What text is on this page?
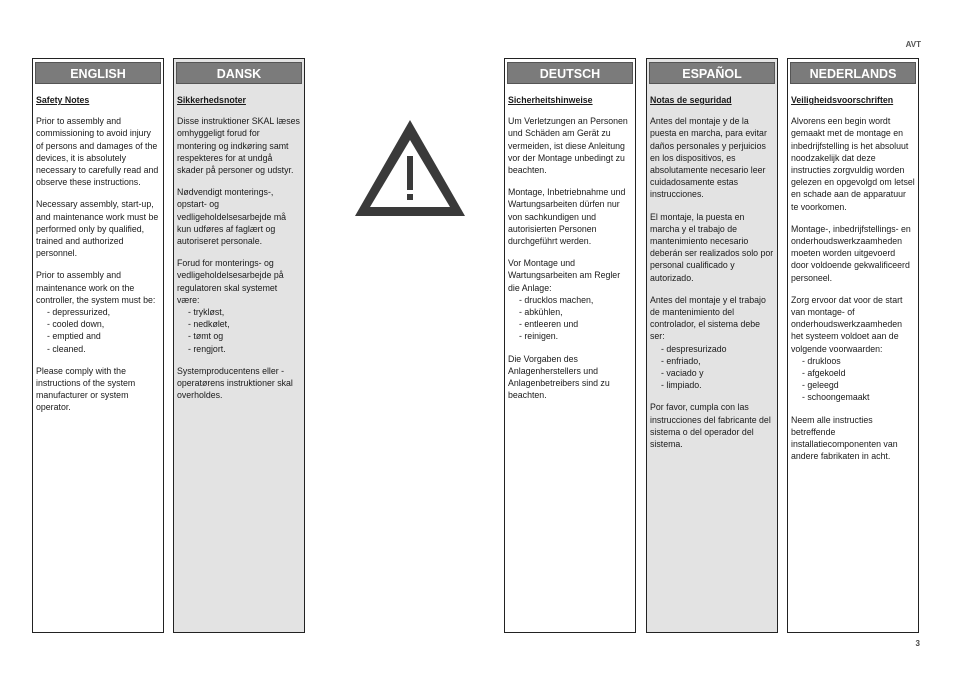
AVT
ENGLISH
Safety Notes
Prior to assembly and commissioning to avoid injury of persons and damages of the devices, it is absolutely necessary to carefully read and observe these instructions.
Necessary assembly, start-up, and maintenance work must be performed only by qualified, trained and authorized personnel.
Prior to assembly and maintenance work on the controller, the system must be:
- depressurized,
- cooled down,
- emptied and
- cleaned.
Please comply with the instructions of the system manufacturer or system operator.
DANSK
Sikkerhedsnoter
Disse instruktioner SKAL læses omhyggeligt forud for montering og indkøring samt respekteres for at undgå skader på personer og udstyr.
Nødvendigt monterings-, opstart- og vedligeholdelsesarbejde må kun udføres af faglært og autoriseret personale.
Forud for monterings- og vedligeholdelsesarbejde på regulatoren skal systemet være:
- trykløst,
- nedkølet,
- tømt og
- rengjort.
Systemproducentens eller -operatørens instruktioner skal overholdes.
DEUTSCH
Sicherheitshinweise
Um Verletzungen an Personen und Schäden am Gerät zu vermeiden, ist diese Anleitung vor der Montage unbedingt zu beachten.
Montage, Inbetriebnahme und Wartungsarbeiten dürfen nur von sachkundigen und autorisierten Personen durchgeführt werden.
Vor Montage und Wartungsarbeiten am Regler die Anlage:
- drucklos machen,
- abkühlen,
- entleeren und
- reinigen.
Die Vorgaben des Anlagenherstellers und Anlagenbetreibers sind zu beachten.
ESPAÑOL
Notas de seguridad
Antes del montaje y de la puesta en marcha, para evitar daños personales y perjuicios en los dispositivos, es absolutamente necesario leer cuidadosamente estas instrucciones.
El montaje, la puesta en marcha y el trabajo de mantenimiento necesario deberán ser realizados solo por personal cualificado y autorizado.
Antes del montaje y el trabajo de mantenimiento del controlador, el sistema debe ser:
- despresurizado
- enfriado,
- vaciado y
- limpiado.
Por favor, cumpla con las instrucciones del fabricante del sistema o del operador del sistema.
NEDERLANDS
Veiligheidsvoorschriften
Alvorens een begin wordt gemaakt met de montage en inbedrijfstelling is het absoluut noodzakelijk dat deze instructies zorgvuldig worden gelezen en opgevolgd om letsel en schade aan de apparatuur te voorkomen.
Montage-, inbedrijfstellings- en onderhoudswerkzaamheden moeten worden uitgevoerd door voldoende gekwalificeerd personeel.
Zorg ervoor dat voor de start van montage- of onderhoudswerkzaamheden het systeem voldoet aan de volgende voorwaarden:
- drukloos
- afgekoeld
- geleegd
- schoongemaakt
Neem alle instructies betreffende installatiecomponenten van andere fabrikaten in acht.
3
